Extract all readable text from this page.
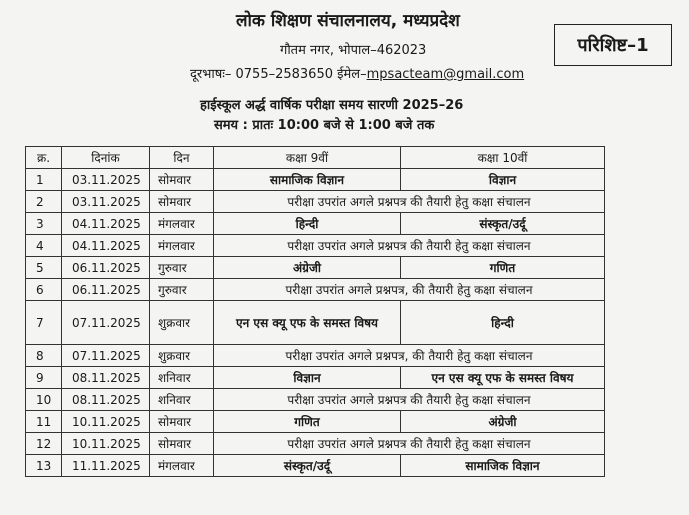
लोक शिक्षण संचालनालय, मध्यप्रदेश
गौतम नगर, भोपाल–462023
दूरभाषः– 0755–2583650 ईमेल–mpsacteam@gmail.com
परिशिष्ट–1
हाईस्कूल अर्द्ध वार्षिक परीक्षा समय सारणी 2025–26
समय : प्रातः 10:00 बजे से 1:00 बजे तक
क्र.	दिनांक	दिन	कक्षा 9वीं	कक्षा 10वीं
1	03.11.2025	सोमवार	सामाजिक विज्ञान	विज्ञान
2	03.11.2025	सोमवार	परीक्षा उपरांत अगले प्रश्नपत्र की तैयारी हेतु कक्षा संचालन	
3	04.11.2025	मंगलवार	हिन्दी	संस्कृत/उर्दू
4	04.11.2025	मंगलवार	परीक्षा उपरांत अगले प्रश्नपत्र की तैयारी हेतु कक्षा संचालन	
5	06.11.2025	गुरुवार	अंग्रेजी	गणित
6	06.11.2025	गुरुवार	परीक्षा उपरांत अगले प्रश्नपत्र, की तैयारी हेतु कक्षा संचालन	
7	07.11.2025	शुक्रवार	एन एस क्यू एफ के समस्त विषय	हिन्दी
8	07.11.2025	शुक्रवार	परीक्षा उपरांत अगले प्रश्नपत्र, की तैयारी हेतु कक्षा संचालन	
9	08.11.2025	शनिवार	विज्ञान	एन एस क्यू एफ के समस्त विषय
10	08.11.2025	शनिवार	परीक्षा उपरांत अगले प्रश्नपत्र की तैयारी हेतु कक्षा संचालन	
11	10.11.2025	सोमवार	गणित	अंग्रेजी
12	10.11.2025	सोमवार	परीक्षा उपरांत अगले प्रश्नपत्र की तैयारी हेतु कक्षा संचालन	
13	11.11.2025	मंगलवार	संस्कृत/उर्दू	सामाजिक विज्ञान
